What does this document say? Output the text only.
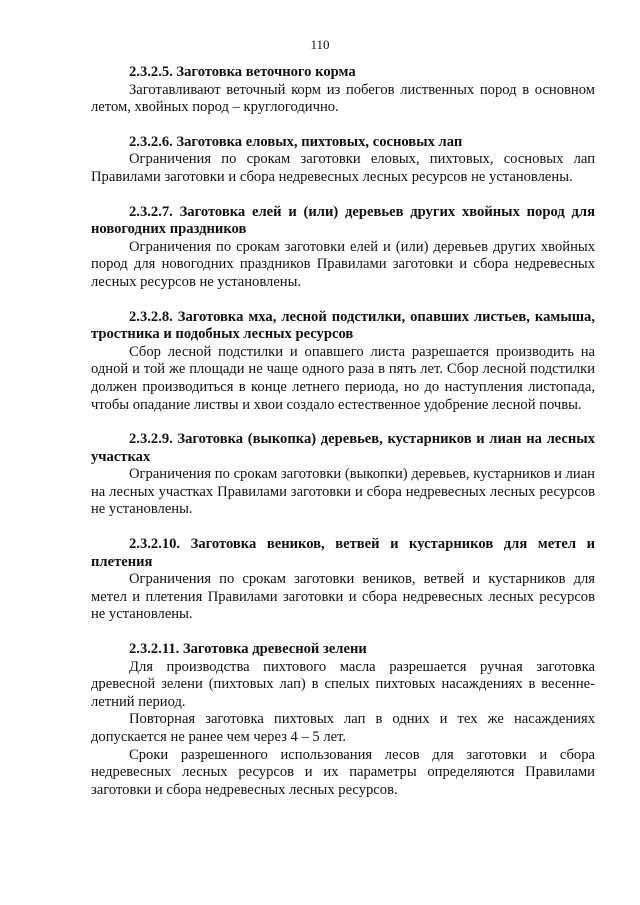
110

2.3.2.5. Заготовка веточного корма

Заготавливают веточный корм из побегов лиственных пород в основном летом, хвойных пород – круглогодично.

2.3.2.6. Заготовка еловых, пихтовых, сосновых лап

Ограничения по срокам заготовки еловых, пихтовых, сосновых лап Правилами заготовки и сбора недревесных лесных ресурсов не установлены.

2.3.2.7. Заготовка елей и (или) деревьев других хвойных пород для новогодних праздников

Ограничения по срокам заготовки елей и (или) деревьев других хвойных пород для новогодних праздников Правилами заготовки и сбора недревесных лесных ресурсов не установлены.

2.3.2.8. Заготовка мха, лесной подстилки, опавших листьев, камыша, тростника и подобных лесных ресурсов

Сбор лесной подстилки и опавшего листа разрешается производить на одной и той же площади не чаще одного раза в пять лет. Сбор лесной подстилки должен производиться в конце летнего периода, но до наступления листопада, чтобы опадание листвы и хвои создало естественное удобрение лесной почвы.

2.3.2.9. Заготовка (выкопка) деревьев, кустарников и лиан на лесных участках

Ограничения по срокам заготовки (выкопки) деревьев, кустарников и лиан на лесных участках Правилами заготовки и сбора недревесных лесных ресурсов не установлены.

2.3.2.10. Заготовка веников, ветвей и кустарников для метел и плетения

Ограничения по срокам заготовки веников, ветвей и кустарников для метел и плетения Правилами заготовки и сбора недревесных лесных ресурсов не установлены.

2.3.2.11. Заготовка древесной зелени

Для производства пихтового масла разрешается ручная заготовка древесной зелени (пихтовых лап) в спелых пихтовых насаждениях в весенне-летний период.

Повторная заготовка пихтовых лап в одних и тех же насаждениях допускается не ранее чем через 4 – 5 лет.

Сроки разрешенного использования лесов для заготовки и сбора недревесных лесных ресурсов и их параметры определяются Правилами заготовки и сбора недревесных лесных ресурсов.
